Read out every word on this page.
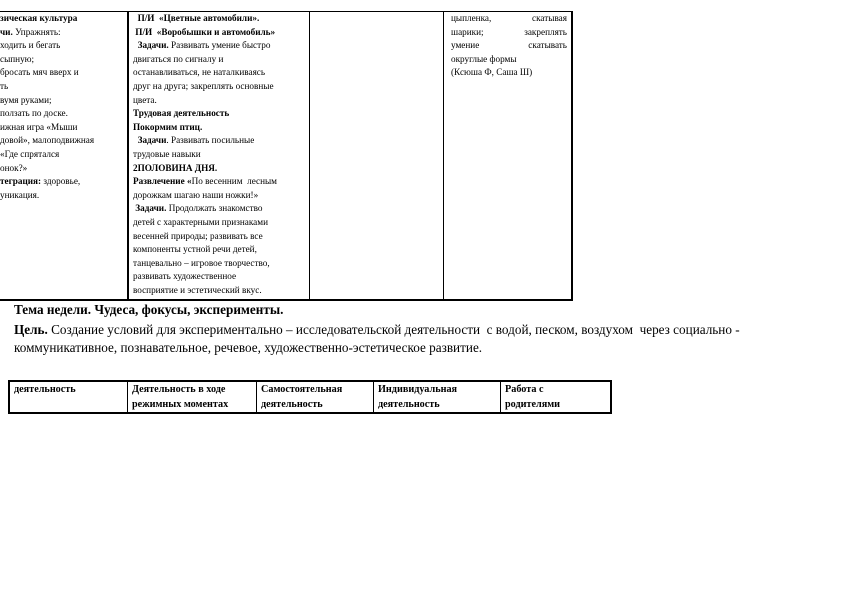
зическая культура

чи. Упражнять:

ходить и бегать

сыпную;

бросать мяч вверх и

ть

вумя руками;

ползать по доске.

ижная игра «Мыши

довой», малоподвижная

«Где спрятался

онок?»

теграция: здоровье,

уникация.

П/И  «Цветные автомобили».

П/И  «Воробышки и автомобиль»

Задачи. Развивать умение быстро

двигаться по сигналу и

останавливаться, не наталкиваясь

друг на друга; закреплять основные

цвета.

Трудовая деятельность

Покормим птиц.

Задачи. Развивать посильные

трудовые навыки

2ПОЛОВИНА ДНЯ.

Развлечение «По весенним  лесным

дорожкам шагаю наши ножки!»

Задачи. Продолжать знакомство

детей с характерными признаками

весенней природы; развивать все

компоненты устной речи детей,

танцевально – игровое творчество,

развивать художественное

восприятие и эстетический вкус.

цыпленка, скатывая

шарики; закреплять

умение скатывать

округлые формы

(Ксюша Ф, Саша Ш)

Тема недели. Чудеса, фокусы, эксперименты.
Цель. Создание условий для экспериментально – исследовательской деятельности  с водой, песком, воздухом  через социально -
коммуникативное, познавательное, речевое, художественно-эстетическое развитие.
деятельность	Деятельность в ходе
режимных моментах
Самостоятельная
деятельность
Индивидуальная
деятельность
Работа с
родителями
